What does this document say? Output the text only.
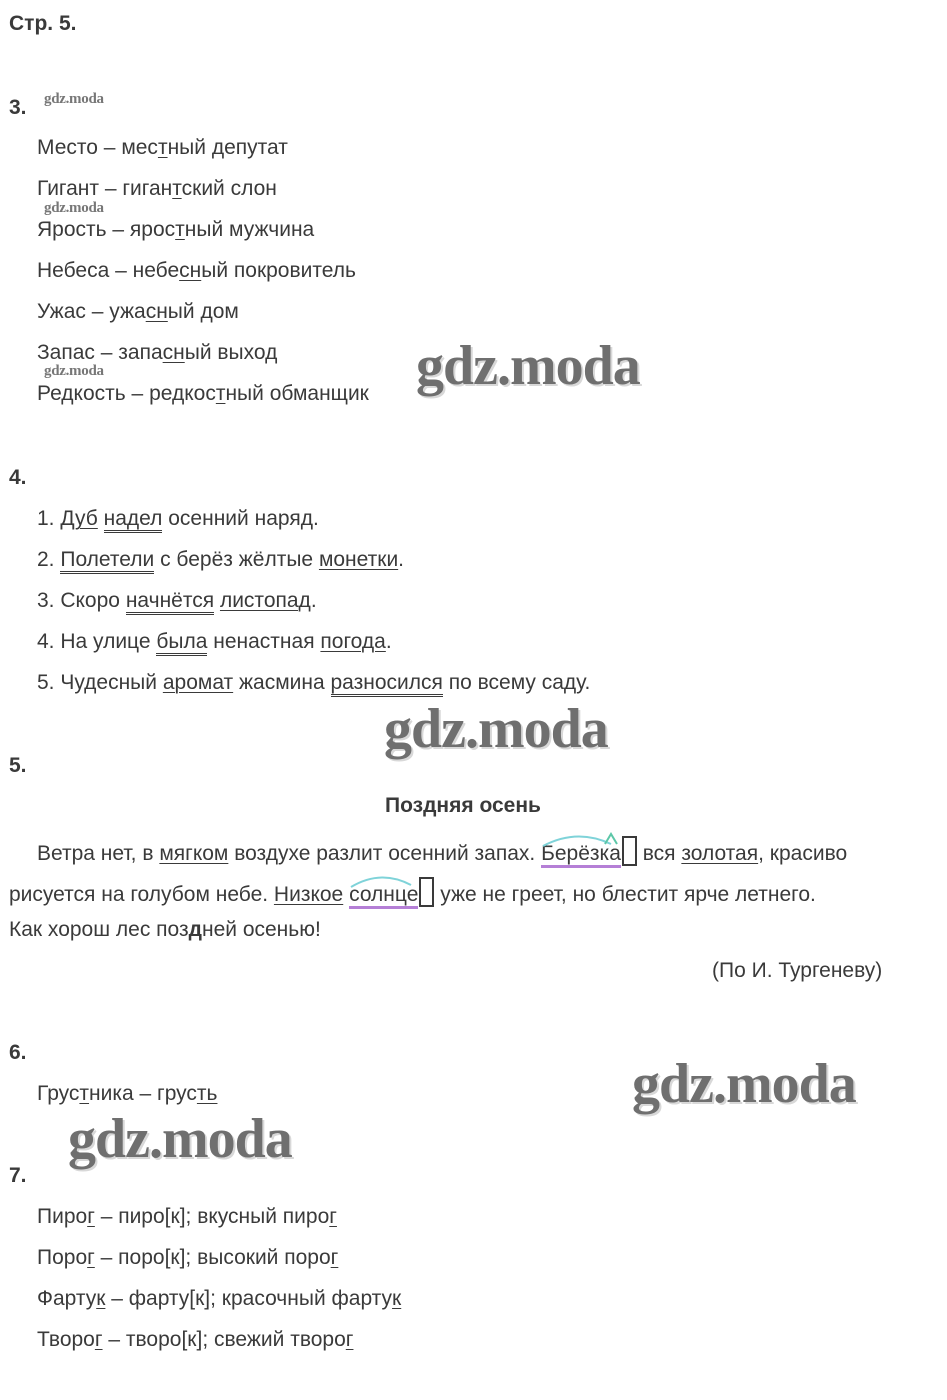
Стр. 5.
3. gdz.moda
Место – местный депутат
Гигант – гигантский слон
gdz.moda
Ярость – яростный мужчина
Небеса – небесный покровитель
Ужас – ужасный дом
Запас – запасный выход
gdz.moda
Редкость – редкостный обманщик gdz.moda
4.
1. Дуб надел осенний наряд.
2. Полетели с берёз жёлтые монетки.
3. Скоро начнётся листопад.
4. На улице была ненастная погода.
5. Чудесный аромат жасмина разносился по всему саду.
gdz.moda
5.
Поздняя осень
Ветра нет, в мягком воздухе разлит осенний запах.
Берёзка вся золотая, красиво
рисуется на голубом небе. Низкое солнце уже не греет, но блестит ярче летнего.
Как хорош лес поздней осенью!
(По И. Тургеневу)
6.
Грустника – грусть	gdz.moda
gdz.moda
7.
Пирог – пиро[к]; вкусный пирог
Порог – поро[к]; высокий порог
Фартук – фарту[к]; красочный фартук
Творог – творо[к]; свежий творог
